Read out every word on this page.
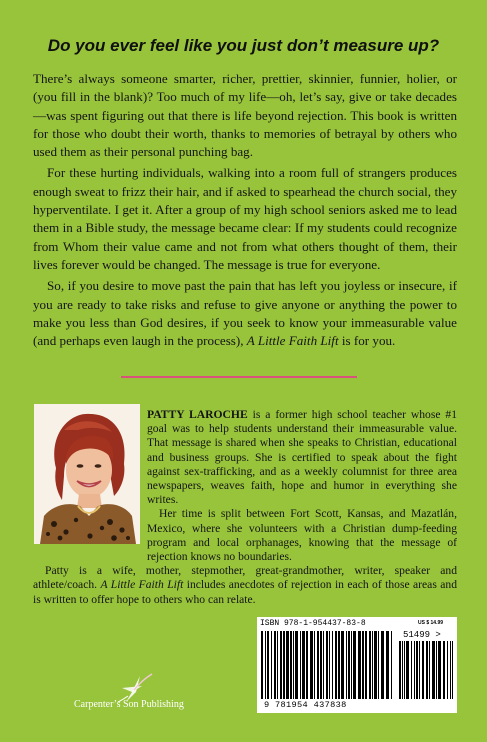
Do you ever feel like you just don’t measure up?

There’s always someone smarter, richer, prettier, skinnier, funnier, holier, or (you fill in the blank)? Too much of my life—oh, let’s say, give or take decades—was spent figuring out that there is life beyond rejection. This book is written for those who doubt their worth, thanks to memories of betrayal by others who used them as their personal punching bag.

For these hurting individuals, walking into a room full of strangers produces enough sweat to frizz their hair, and if asked to spearhead the church social, they hyperventilate. I get it. After a group of my high school seniors asked me to lead them in a Bible study, the message became clear: If my students could recognize from Whom their value came and not from what others thought of them, their lives forever would be changed. The message is true for everyone.

So, if you desire to move past the pain that has left you joyless or insecure, if you are ready to take risks and refuse to give anyone or anything the power to make you less than God desires, if you seek to know your immeasurable value (and perhaps even laugh in the process), A Little Faith Lift is for you.

PATTY LAROCHE is a former high school teacher whose #1 goal was to help students understand their immeasurable value. That message is shared when she speaks to Christian, educational and business groups. She is certified to speak about the fight against sex-trafficking, and as a weekly columnist for three area newspapers, weaves faith, hope and humor in everything she writes.

Her time is split between Fort Scott, Kansas, and Mazatlán, Mexico, where she volunteers with a Christian dump-feeding program and local orphanages, knowing that the message of rejection knows no boundaries.

Patty is a wife, mother, stepmother, great-grandmother, writer, speaker and athlete/coach. A Little Faith Lift includes anecdotes of rejection in each of those areas and is written to offer hope to others who can relate.

Carpenter’s Son Publishing
ISBN 978-1-954437-83-8	US $ 14.99
51499 >
9 781954 437838
